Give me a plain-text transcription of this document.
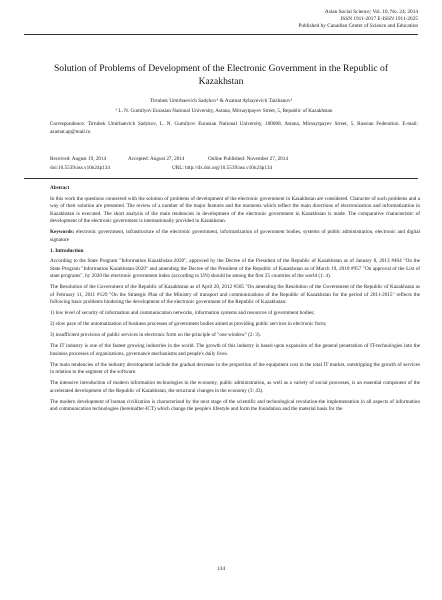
Asian Social Science; Vol. 10, No. 24; 2014
ISSN 1911-2017 E-ISSN 1911-2025
Published by Canadian Center of Science and Education
Solution of Problems of Development of the Electronic Government in the Republic of Kazakhstan
Tirtubek Umirbaevich Sadykov¹ & Azamat Aybayevich Taizhanov¹
¹ L. N. Gumilyov Eurasian National University, Astana, Mirnaytpayev Street, 5, Republic of Kazakhstan
Correspondence: Tirtubek Umirbaevich Sadykov, L. N. Gumilyov Eurasian National University, 100008, Astana, Mirnaytpayev Street, 5, Russian Federation. E-mail: azamat.ap@mail.ru
Received: August 19, 2014	Accepted: August 27, 2014	Online Published: November 27, 2014
doi:10.5539/ass.v10n24p134	URL: http://dx.doi.org/10.5539/ass.v10n24p134
Abstract

In this work the questions connected with the solution of problems of development of the electronic government in Kazakhstan are considered. Character of such problems and a way of their solution are presented. The review of a number of the major features and the moments which reflect the main directions of electronization and informatization in Kazakhstan is executed. The short analysis of the main tendencies in development of the electronic government in Kazakhstan is made. The comparative characteristic of development of the electronic government is internationally provided in Kazakhstan.

Keywords: electronic government, infrastructure of the electronic government, informatization of government bodies, systems of public administration, electronic and digital signature

1. Introduction

According to the State Program "Information Kazakhstan-2020", approved by the Decree of the President of the Republic of Kazakhstan as of January 8, 2013 #464 "On the State Program "Information Kazakhstan-2020" and amending the Decree of the President of the Republic of Kazakhstan as of March 19, 2010 #957 "On approval of the List of state programs", by 2020 the electronic government index (according to UN) should be among the first 25 countries of the world (1: 4).

The Resolution of the Government of the Republic of Kazakhstan as of April 20, 2012 #505 "On amending the Resolution of the Government of the Republic of Kazakhstan as of February 11, 2011 #129 "On the Strategic Plan of the Ministry of transport and communications of the Republic of Kazakhstan for the period of 2011-2015" reflects the following basic problems hindering the development of the electronic government of the Republic of Kazakhstan:

1) low level of security of information and communication networks, information systems and resources of government bodies;

2) slow pace of the automatization of business processes of government bodies aimed at providing public services in electronic form;

3) insufficient provision of public services in electronic form on the principle of "one window" (2: 3).

The IT industry is one of the fastest growing industries in the world. The growth of this industry is based upon expansion of the general penetration of IT-technologies into the business processes of organizations, governance mechanisms and people's daily lives.

The main tendencies of the industry development include the gradual decrease in the proportion of the equipment cost in the total IT market, outstripping the growth of services in relation to the segment of the software.

The intensive introduction of modern information technologies in the economy, public administration, as well as a variety of social processes, is an essential component of the accelerated development of the Republic of Kazakhstan, the structural changes in the economy (3: 43).

The modern development of human civilization is characterized by the next stage of the scientific and technological revolution-the implementation in all aspects of information and communication technologies (hereinafter-ICT) which change the people's lifestyle and form the foundation and the material basis for the

134
